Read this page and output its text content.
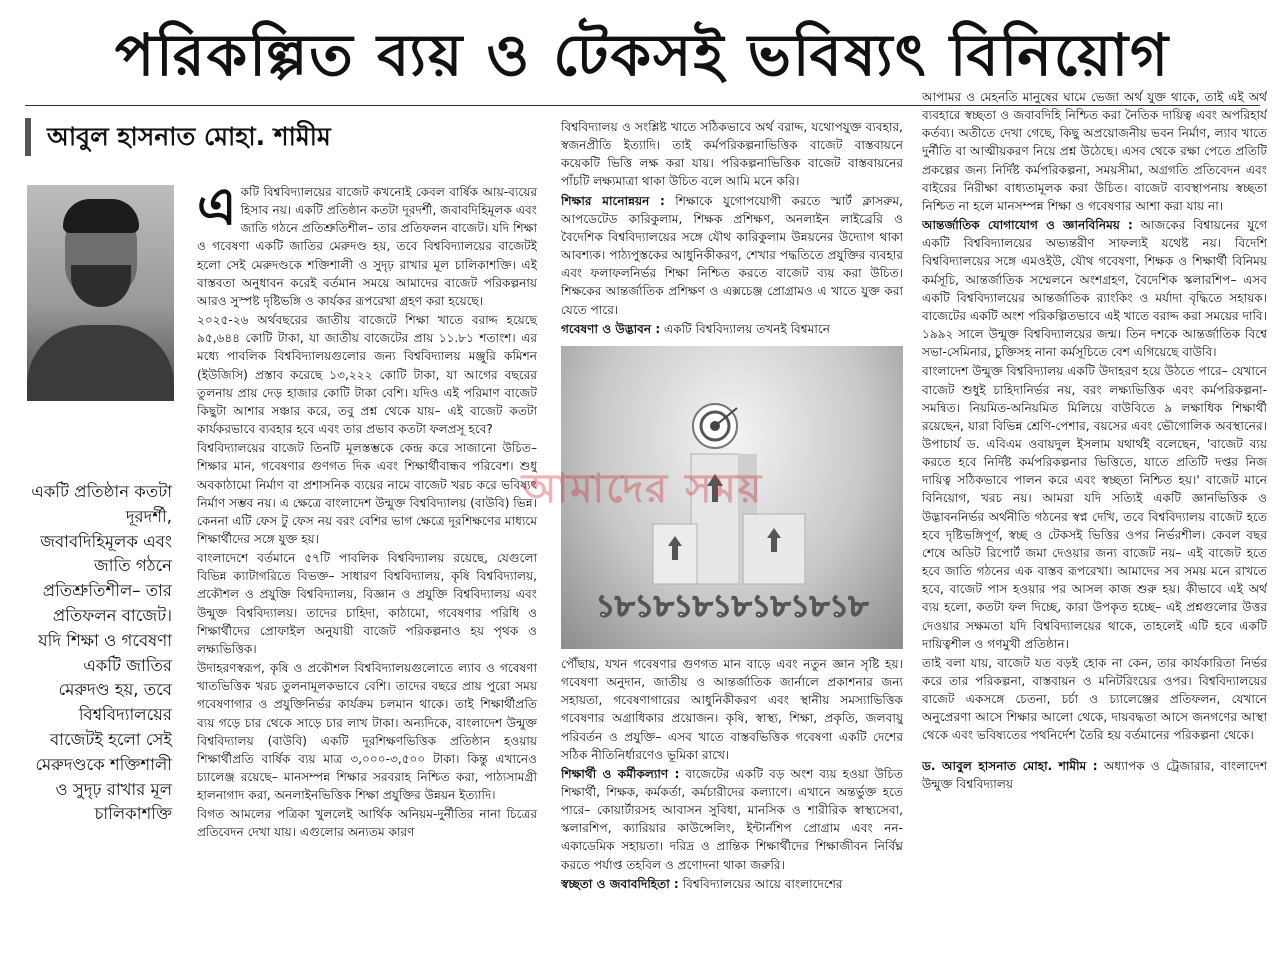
পরিকল্পিত ব্যয় ও টেকসই ভবিষ্যৎ বিনিয়োগ
আবুল হাসনাত মোহা. শামীম
একটি প্রতিষ্ঠান কতটা দূরদর্শী, জবাবদিহিমূলক এবং জাতি গঠনে প্রতিশ্রুতিশীল– তার প্রতিফলন বাজেট। যদি শিক্ষা ও গবেষণা একটি জাতির মেরুদণ্ড হয়, তবে বিশ্ববিদ্যালয়ের বাজেটই হলো সেই মেরুদণ্ডকে শক্তিশালী ও সুদৃঢ় রাখার মূল চালিকাশক্তি

একটি বিশ্ববিদ্যালয়ের বাজেট কখনোই কেবল বার্ষিক আয়-ব্যয়ের হিসাব নয়। একটি প্রতিষ্ঠান কতটা দূরদর্শী, জবাবদিহিমূলক এবং জাতি গঠনে প্রতিশ্রুতিশীল– তার প্রতিফলন বাজেট। যদি শিক্ষা ও গবেষণা একটি জাতির মেরুদণ্ড হয়, তবে বিশ্ববিদ্যালয়ের বাজেটই হলো সেই মেরুদণ্ডকে শক্তিশালী ও সুদৃঢ় রাখার মূল চালিকাশক্তি। এই বাস্তবতা অনুধাবন করেই বর্তমান সময়ে আমাদের বাজেট পরিকল্পনায় আরও সুস্পষ্ট দৃষ্টিভঙ্গি ও কার্যকর রূপরেখা গ্রহণ করা হয়েছে।

২০২৫-২৬ অর্থবছরের জাতীয় বাজেটে শিক্ষা খাতে বরাদ্দ হয়েছে ৯৫,৬৪৪ কোটি টাকা, যা জাতীয় বাজেটের প্রায় ১১.৮১ শতাংশ। এর মধ্যে পাবলিক বিশ্ববিদ্যালয়গুলোর জন্য বিশ্ববিদ্যালয় মঞ্জুরি কমিশন (ইউজিসি) প্রস্তাব করেছে ১৩,২২২ কোটি টাকা, যা আগের বছরের তুলনায় প্রায় দেড় হাজার কোটি টাকা বেশি। যদিও এই পরিমাণ বাজেট কিছুটা আশার সঞ্চার করে, তবু প্রশ্ন থেকে যায়– এই বাজেট কতটা কার্যকরভাবে ব্যবহার হবে এবং তার প্রভাব কতটা ফলপ্রসূ হবে?

বিশ্ববিদ্যালয়ের বাজেট তিনটি মূলস্তম্ভকে কেন্দ্র করে সাজানো উচিত– শিক্ষার মান, গবেষণার গুণগত দিক এবং শিক্ষার্থীবান্ধব পরিবেশ। শুধু অবকাঠামো নির্মাণ বা প্রশাসনিক ব্যয়ের নামে বাজেট খরচ করে ভবিষ্যৎ নির্মাণ সম্ভব নয়। এ ক্ষেত্রে বাংলাদেশ উন্মুক্ত বিশ্ববিদ্যালয় (বাউবি) ভিন্ন। কেননা এটি ফেস টু ফেস নয় বরং বেশির ভাগ ক্ষেত্রে দূরশিক্ষণের মাধ্যমে শিক্ষার্থীদের সঙ্গে যুক্ত হয়।

বাংলাদেশে বর্তমানে ৫৭টি পাবলিক বিশ্ববিদ্যালয় রয়েছে, যেগুলো বিভিন্ন ক্যাটাগরিতে বিভক্ত– সাধারণ বিশ্ববিদ্যালয়, কৃষি বিশ্ববিদ্যালয়, প্রকৌশল ও প্রযুক্তি বিশ্ববিদ্যালয়, বিজ্ঞান ও প্রযুক্তি বিশ্ববিদ্যালয় এবং উন্মুক্ত বিশ্ববিদ্যালয়। তাদের চাহিদা, কাঠামো, গবেষণার পরিধি ও শিক্ষার্থীদের প্রোফাইল অনুযায়ী বাজেট পরিকল্পনাও হয় পৃথক ও লক্ষ্যভিত্তিক।

উদাহরণস্বরূপ, কৃষি ও প্রকৌশল বিশ্ববিদ্যালয়গুলোতে ল্যাব ও গবেষণা খাতভিত্তিক খরচ তুলনামূলকভাবে বেশি। তাদের বছরে প্রায় পুরো সময় গবেষণাগার ও প্রযুক্তিনির্ভর কার্যক্রম চলমান থাকে। তাই শিক্ষার্থীপ্রতি ব্যয় গড়ে চার থেকে সাড়ে চার লাখ টাকা। অন্যদিকে, বাংলাদেশ উন্মুক্ত বিশ্ববিদ্যালয় (বাউবি) একটি দূরশিক্ষণভিত্তিক প্রতিষ্ঠান হওয়ায় শিক্ষার্থীপ্রতি বার্ষিক ব্যয় মাত্র ৩,০০০-৩,৫০০ টাকা। কিন্তু এখানেও চ্যালেঞ্জ রয়েছে– মানসম্পন্ন শিক্ষার সরবরাহ নিশ্চিত করা, পাঠ্যসামগ্রী হালনাগাদ করা, অনলাইনভিত্তিক শিক্ষা প্রযুক্তির উন্নয়ন ইত্যাদি।

বিগত আমলের পত্রিকা খুললেই আর্থিক অনিয়ম-দুর্নীতির নানা চিত্রের প্রতিবেদন দেখা যায়। এগুলোর অন্যতম কারণ

বিশ্ববিদ্যালয় ও সংশ্লিষ্ট খাতে সঠিকভাবে অর্থ বরাদ্দ, যথোপযুক্ত ব্যবহার, স্বজনপ্রীতি ইত্যাদি। তাই কর্মপরিকল্পনাভিত্তিক বাজেট বাস্তবায়নে কয়েকটি ভিত্তি লক্ষ করা যায়। পরিকল্পনাভিত্তিক বাজেট বাস্তবায়নের পাঁচটি লক্ষ্যমাত্রা থাকা উচিত বলে আমি মনে করি।

শিক্ষার মানোন্নয়ন : শিক্ষাকে যুগোপযোগী করতে স্মার্ট ক্লাসরুম, আপডেটেড কারিকুলাম, শিক্ষক প্রশিক্ষণ, অনলাইন লাইব্রেরি ও বৈদেশিক বিশ্ববিদ্যালয়ের সঙ্গে যৌথ কারিকুলাম উন্নয়নের উদ্যোগ থাকা আবশ্যক। পাঠ্যপুস্তকের আধুনিকীকরণ, শেখার পদ্ধতিতে প্রযুক্তির ব্যবহার এবং ফলাফলনির্ভর শিক্ষা নিশ্চিত করতে বাজেট ব্যয় করা উচিত। শিক্ষকের আন্তর্জাতিক প্রশিক্ষণ ও এক্সচেঞ্জ প্রোগ্রামও এ খাতে যুক্ত করা যেতে পারে।

গবেষণা ও উদ্ভাবন : একটি বিশ্ববিদ্যালয় তখনই বিশ্বমানে

১৮১৮১৮১৮১৮১৮১৮

পৌঁছায়, যখন গবেষণার গুণগত মান বাড়ে এবং নতুন জ্ঞান সৃষ্টি হয়। গবেষণা অনুদান, জাতীয় ও আন্তর্জাতিক জার্নালে প্রকাশনার জন্য সহায়তা, গবেষণাগারের আধুনিকীকরণ এবং স্থানীয় সমস্যাভিত্তিক গবেষণার অগ্রাধিকার প্রয়োজন। কৃষি, স্বাস্থ্য, শিক্ষা, প্রকৃতি, জলবায়ু পরিবর্তন ও প্রযুক্তি– এসব খাতে বাস্তবভিত্তিক গবেষণা একটি দেশের সঠিক নীতিনির্ধারণেও ভূমিকা রাখে।

শিক্ষার্থী ও কর্মীকল্যাণ : বাজেটের একটি বড় অংশ ব্যয় হওয়া উচিত শিক্ষার্থী, শিক্ষক, কর্মকর্তা, কর্মচারীদের কল্যাণে। এখানে অন্তর্ভুক্ত হতে পারে– কোয়ার্টারসহ আবাসন সুবিধা, মানসিক ও শারীরিক স্বাস্থ্যসেবা, স্কলারশিপ, ক্যারিয়ার কাউন্সেলিং, ইন্টার্নশিপ প্রোগ্রাম এবং নন-একাডেমিক সহায়তা। দরিদ্র ও প্রান্তিক শিক্ষার্থীদের শিক্ষাজীবন নির্বিঘ্ন করতে পর্যাপ্ত তহবিল ও প্রণোদনা থাকা জরুরি।

স্বচ্ছতা ও জবাবদিহিতা : বিশ্ববিদ্যালয়ের আয়ে বাংলাদেশের

আপামর ও মেহনতি মানুষের ঘামে ভেজা অর্থ যুক্ত থাকে, তাই এই অর্থ ব্যবহারে স্বচ্ছতা ও জবাবদিহি নিশ্চিত করা নৈতিক দায়িত্ব এবং অপরিহার্য কর্তব্য। অতীতে দেখা গেছে, কিছু অপ্রয়োজনীয় ভবন নির্মাণ, ল্যাব খাতে দুর্নীতি বা আত্মীয়করণ নিয়ে প্রশ্ন উঠেছে। এসব থেকে রক্ষা পেতে প্রতিটি প্রকল্পের জন্য নির্দিষ্ট কর্মপরিকল্পনা, সময়সীমা, অগ্রগতি প্রতিবেদন এবং বাইরের নিরীক্ষা বাধ্যতামূলক করা উচিত। বাজেট ব্যবস্থাপনায় স্বচ্ছতা নিশ্চিত না হলে মানসম্পন্ন শিক্ষা ও গবেষণার আশা করা যায় না।

আন্তর্জাতিক যোগাযোগ ও জ্ঞানবিনিময় : আজকের বিশ্বায়নের যুগে একটি বিশ্ববিদ্যালয়ের অভ্যন্তরীণ সাফল্যই যথেষ্ট নয়। বিদেশি বিশ্ববিদ্যালয়ের সঙ্গে এমওইউ, যৌথ গবেষণা, শিক্ষক ও শিক্ষার্থী বিনিময় কর্মসূচি, আন্তর্জাতিক সম্মেলনে অংশগ্রহণ, বৈদেশিক স্কলারশিপ– এসব একটি বিশ্ববিদ্যালয়ের আন্তর্জাতিক র‍্যাংকিং ও মর্যাদা বৃদ্ধিতে সহায়ক। বাজেটের একটি অংশ পরিকল্পিতভাবে এই খাতে বরাদ্দ করা সময়ের দাবি। ১৯৯২ সালে উন্মুক্ত বিশ্ববিদ্যালয়ের জন্ম। তিন দশকে আন্তর্জাতিক বিশ্বে সভা-সেমিনার, চুক্তিসহ নানা কর্মসূচিতে বেশ এগিয়েছে বাউবি।

বাংলাদেশ উন্মুক্ত বিশ্ববিদ্যালয় একটি উদাহরণ হয়ে উঠতে পারে– যেখানে বাজেট শুধুই চাহিদানির্ভর নয়, বরং লক্ষ্যভিত্তিক এবং কর্মপরিকল্পনা-সমন্বিত। নিয়মিত-অনিয়মিত মিলিয়ে বাউবিতে ৯ লক্ষাধিক শিক্ষার্থী রয়েছেন, যারা বিভিন্ন শ্রেণি-পেশার, বয়সের এবং ভৌগোলিক অবস্থানের। উপাচার্য ড. এবিএম ওবায়দুল ইসলাম যথার্থই বলেছেন, 'বাজেট ব্যয় করতে হবে নির্দিষ্ট কর্মপরিকল্পনার ভিত্তিতে, যাতে প্রতিটি দপ্তর নিজ দায়িত্ব সঠিকভাবে পালন করে এবং স্বচ্ছতা নিশ্চিত হয়।' বাজেট মানে বিনিয়োগ, খরচ নয়। আমরা যদি সত্যিই একটি জ্ঞানভিত্তিক ও উদ্ভাবননির্ভর অর্থনীতি গঠনের স্বপ্ন দেখি, তবে বিশ্ববিদ্যালয় বাজেট হতে হবে দৃষ্টিভঙ্গিপূর্ণ, স্বচ্ছ ও টেকসই ভিত্তির ওপর নির্ভরশীল। কেবল বছর শেষে অডিট রিপোর্ট জমা দেওয়ার জন্য বাজেট নয়– এই বাজেট হতে হবে জাতি গঠনের এক বাস্তব রূপরেখা। আমাদের সব সময় মনে রাখতে হবে, বাজেট পাস হওয়ার পর আসল কাজ শুরু হয়। কীভাবে এই অর্থ ব্যয় হলো, কতটা ফল দিচ্ছে, কারা উপকৃত হচ্ছে– এই প্রশ্নগুলোর উত্তর দেওয়ার সক্ষমতা যদি বিশ্ববিদ্যালয়ের থাকে, তাহলেই এটি হবে একটি দায়িত্বশীল ও গণমুখী প্রতিষ্ঠান।

তাই বলা যায়, বাজেট যত বড়ই হোক না কেন, তার কার্যকারিতা নির্ভর করে তার পরিকল্পনা, বাস্তবায়ন ও মনিটরিংয়ের ওপর। বিশ্ববিদ্যালয়ের বাজেট একসঙ্গে চেতনা, চর্চা ও চ্যালেঞ্জের প্রতিফলন, যেখানে অনুপ্রেরণা আসে শিক্ষার আলো থেকে, দায়বদ্ধতা আসে জনগণের আস্থা থেকে এবং ভবিষ্যতের পথনির্দেশ তৈরি হয় বর্তমানের পরিকল্পনা থেকে।

ড. আবুল হাসনাত মোহা. শামীম : অধ্যাপক ও ট্রেজারার, বাংলাদেশ উন্মুক্ত বিশ্ববিদ্যালয়

আমাদের সময়
